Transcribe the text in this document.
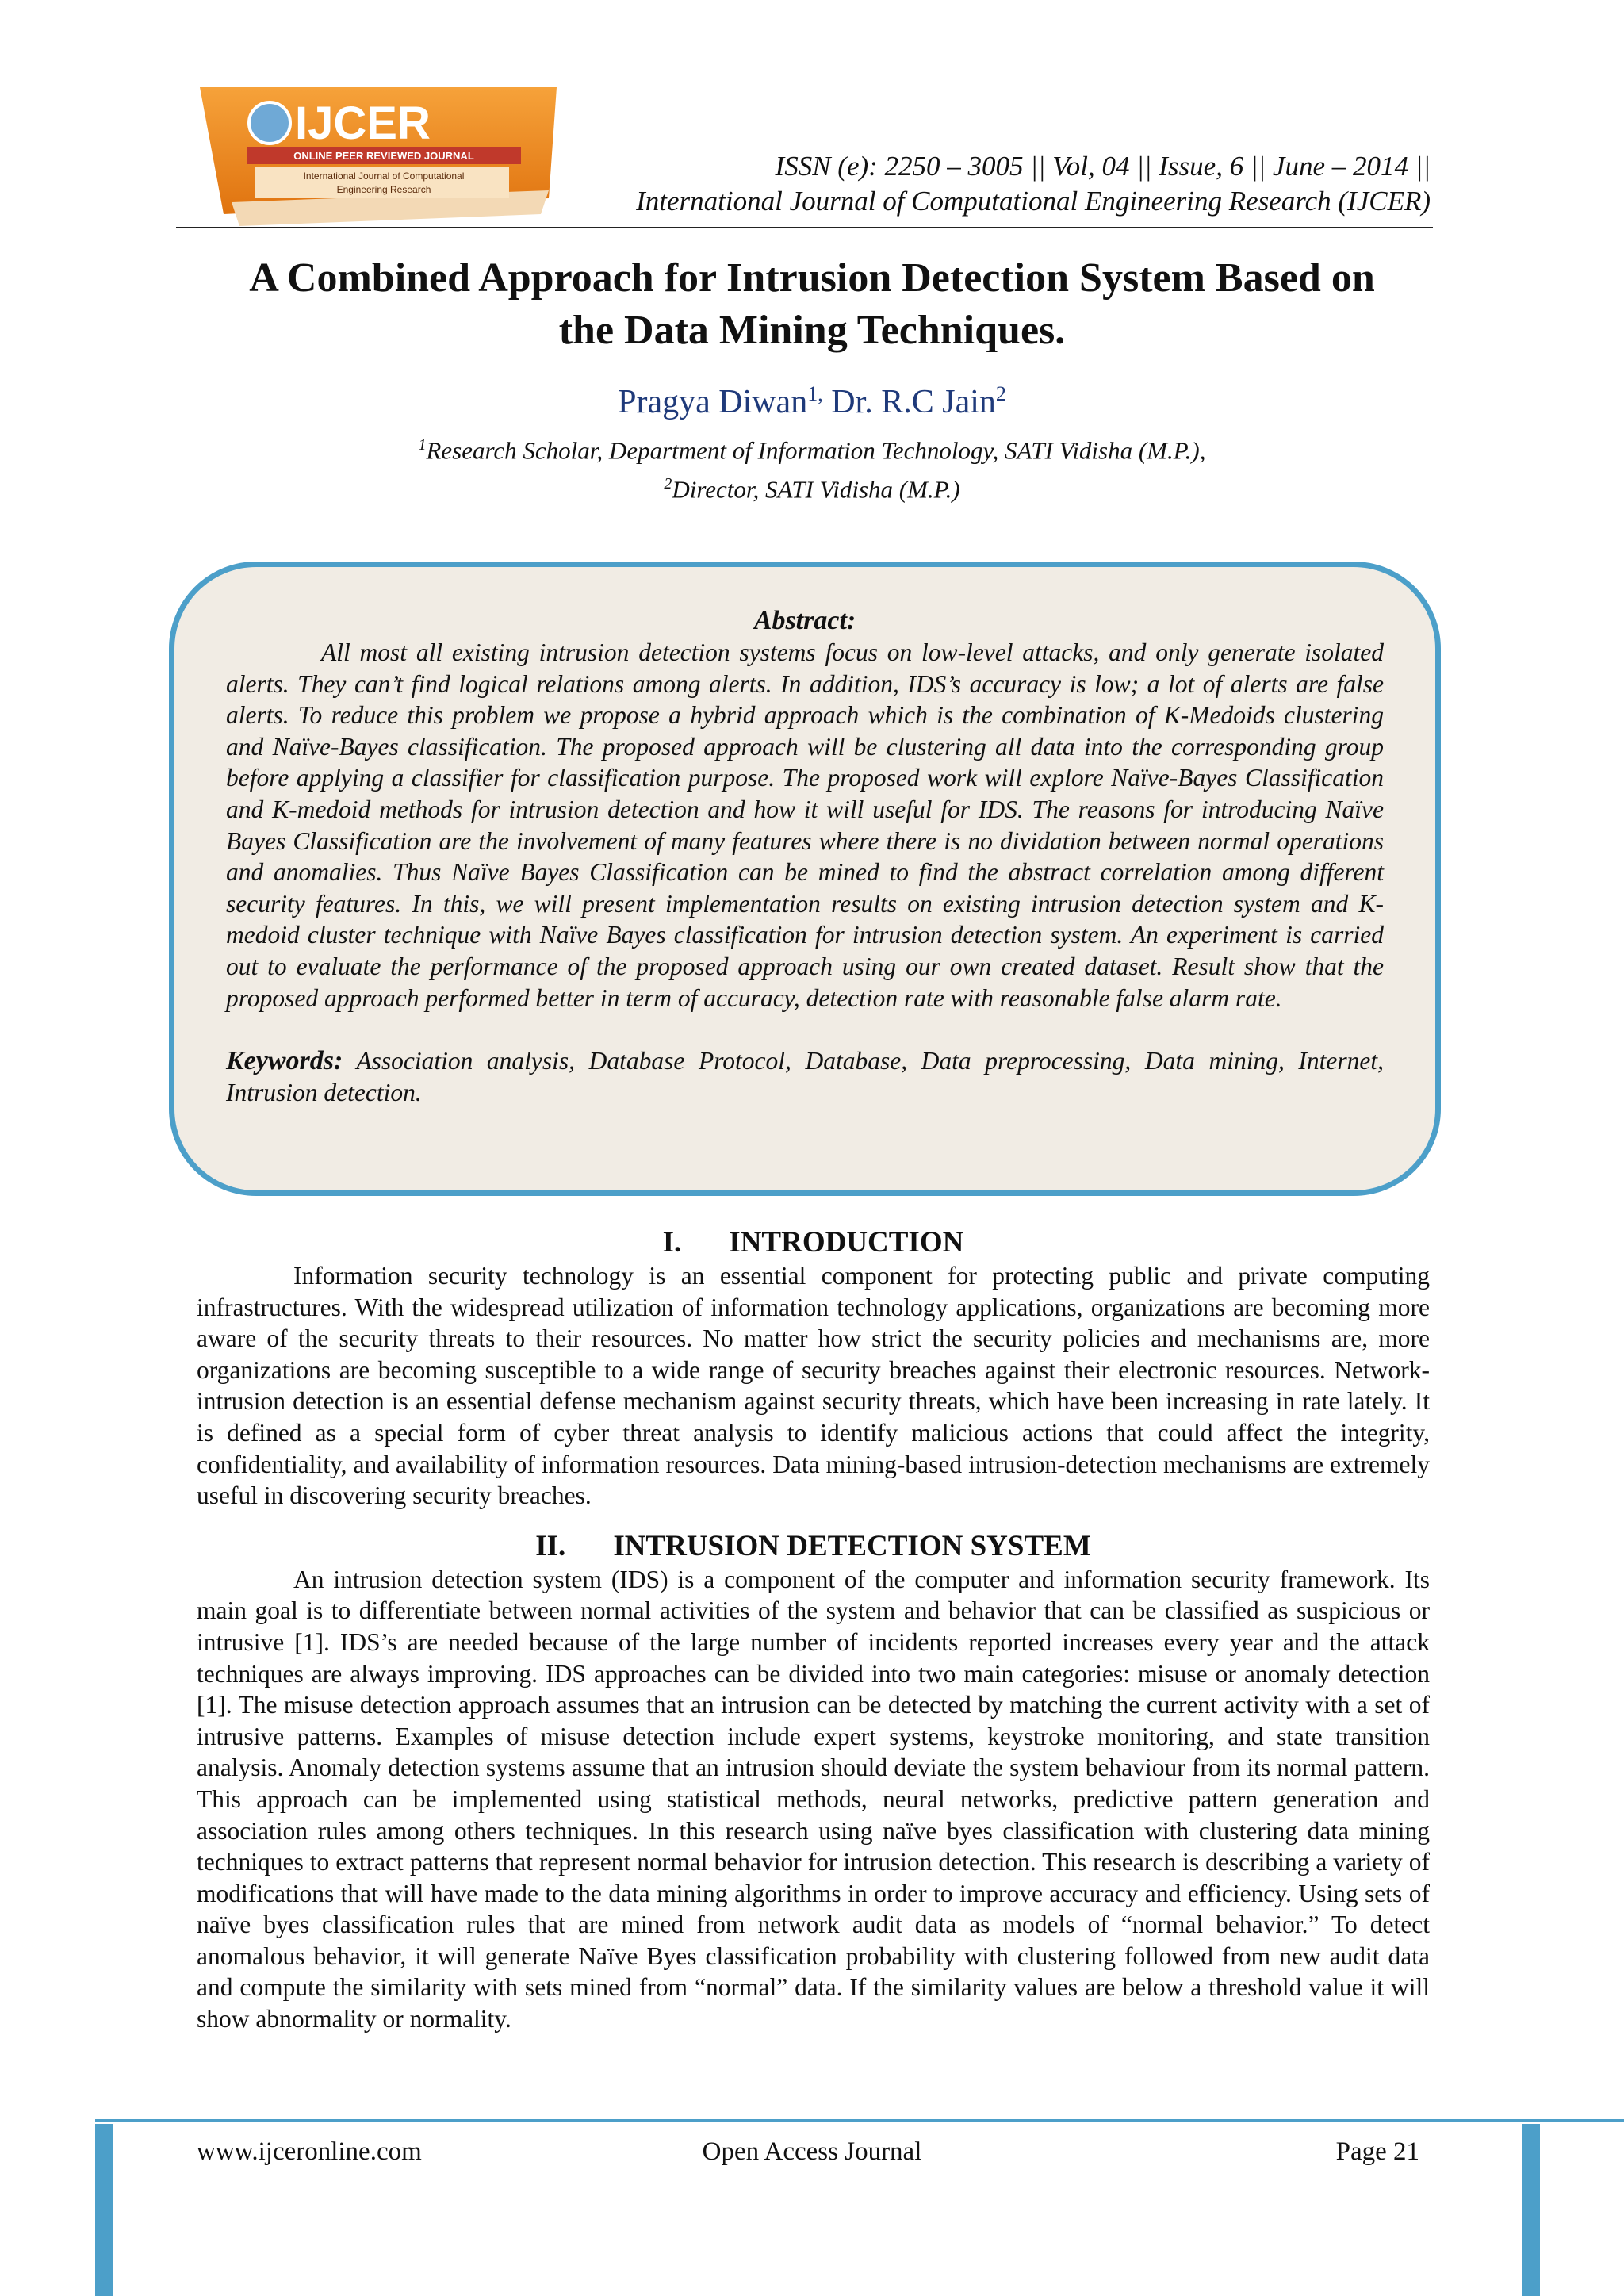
IJCER
ONLINE PEER REVIEWED JOURNAL
International Journal of Computational
Engineering Research
ISSN (e): 2250 – 3005 || Vol, 04 || Issue, 6 || June – 2014 ||
International Journal of Computational Engineering Research (IJCER)
A Combined Approach for Intrusion Detection System Based on
the Data Mining Techniques.
Pragya Diwan$^{1,}$ Dr. R.C Jain$^2$
$^1$Research Scholar, Department of Information Technology, SATI Vidisha (M.P.),
$^2$Director, SATI Vidisha (M.P.)
Abstract:

All most all existing intrusion detection systems focus on low-level attacks, and only generate isolated alerts. They can’t find logical relations among alerts. In addition, IDS’s accuracy is low; a lot of alerts are false alerts. To reduce this problem we propose a hybrid approach which is the combination of K-Medoids clustering and Naïve-Bayes classification. The proposed approach will be clustering all data into the corresponding group before applying a classifier for classification purpose. The proposed work will explore Naïve-Bayes Classification and K-medoid methods for intrusion detection and how it will useful for IDS. The reasons for introducing Naïve Bayes Classification are the involvement of many features where there is no dividation between normal operations and anomalies. Thus Naïve Bayes Classification can be mined to find the abstract correlation among different security features. In this, we will present implementation results on existing intrusion detection system and K-medoid cluster technique with Naïve Bayes classification for intrusion detection system. An experiment is carried out to evaluate the performance of the proposed approach using our own created dataset. Result show that the proposed approach performed better in term of accuracy, detection rate with reasonable false alarm rate.

Keywords: Association analysis, Database Protocol, Database, Data preprocessing, Data mining, Internet, Intrusion detection.
I. INTRODUCTION

Information security technology is an essential component for protecting public and private computing infrastructures. With the widespread utilization of information technology applications, organizations are becoming more aware of the security threats to their resources. No matter how strict the security policies and mechanisms are, more organizations are becoming susceptible to a wide range of security breaches against their electronic resources. Network-intrusion detection is an essential defense mechanism against security threats, which have been increasing in rate lately. It is defined as a special form of cyber threat analysis to identify malicious actions that could affect the integrity, confidentiality, and availability of information resources. Data mining-based intrusion-detection mechanisms are extremely useful in discovering security breaches.

II. INTRUSION DETECTION SYSTEM

An intrusion detection system (IDS) is a component of the computer and information security framework. Its main goal is to differentiate between normal activities of the system and behavior that can be classified as suspicious or intrusive [1]. IDS’s are needed because of the large number of incidents reported increases every year and the attack techniques are always improving. IDS approaches can be divided into two main categories: misuse or anomaly detection [1]. The misuse detection approach assumes that an intrusion can be detected by matching the current activity with a set of intrusive patterns. Examples of misuse detection include expert systems, keystroke monitoring, and state transition analysis. Anomaly detection systems assume that an intrusion should deviate the system behaviour from its normal pattern. This approach can be implemented using statistical methods, neural networks, predictive pattern generation and association rules among others techniques. In this research using naïve byes classification with clustering data mining techniques to extract patterns that represent normal behavior for intrusion detection. This research is describing a variety of modifications that will have made to the data mining algorithms in order to improve accuracy and efficiency. Using sets of naïve byes classification rules that are mined from network audit data as models of “normal behavior.” To detect anomalous behavior, it will generate Naïve Byes classification probability with clustering followed from new audit data and compute the similarity with sets mined from “normal” data. If the similarity values are below a threshold value it will show abnormality or normality.

www.ijceronline.com	Open Access Journal	Page 21
